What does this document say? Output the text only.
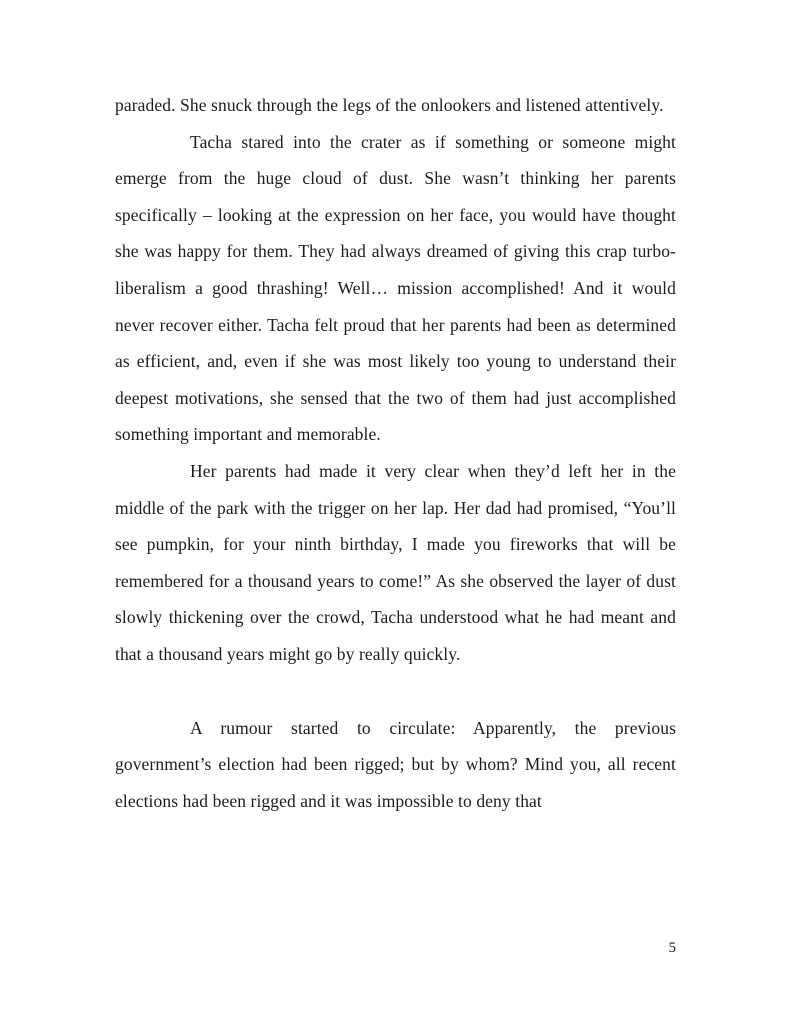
paraded. She snuck through the legs of the onlookers and listened attentively.

Tacha stared into the crater as if something or someone might emerge from the huge cloud of dust. She wasn’t thinking her parents specifically – looking at the expression on her face, you would have thought she was happy for them. They had always dreamed of giving this crap turbo-liberalism a good thrashing! Well… mission accomplished! And it would never recover either. Tacha felt proud that her parents had been as determined as efficient, and, even if she was most likely too young to understand their deepest motivations, she sensed that the two of them had just accomplished something important and memorable.

Her parents had made it very clear when they’d left her in the middle of the park with the trigger on her lap. Her dad had promised, “You’ll see pumpkin, for your ninth birthday, I made you fireworks that will be remembered for a thousand years to come!” As she observed the layer of dust slowly thickening over the crowd, Tacha understood what he had meant and that a thousand years might go by really quickly.

A rumour started to circulate: Apparently, the previous government’s election had been rigged; but by whom? Mind you, all recent elections had been rigged and it was impossible to deny that

5
